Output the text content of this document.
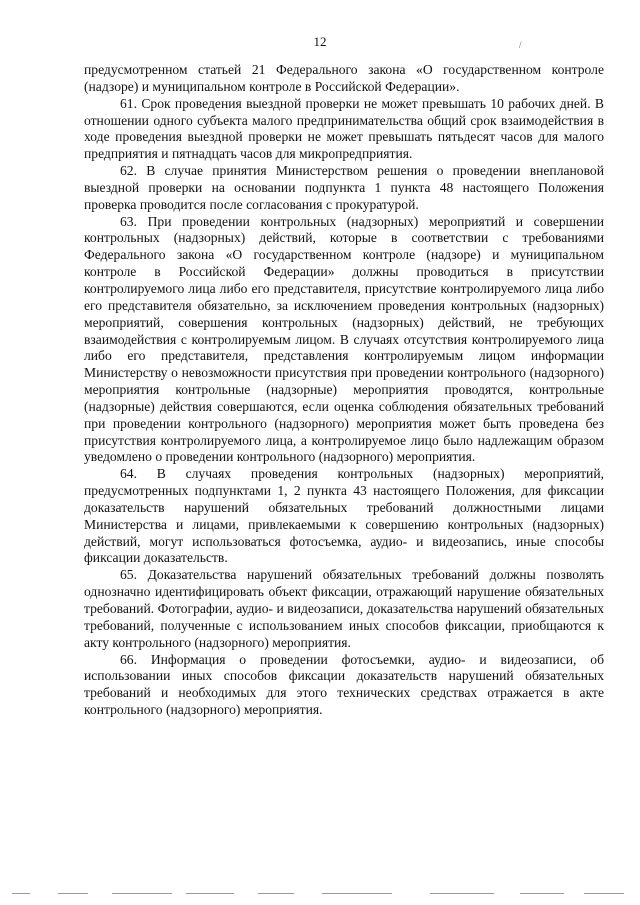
12	/

предусмотренном статьей 21 Федерального закона «О государственном контроле (надзоре) и муниципальном контроле в Российской Федерации».

61. Срок проведения выездной проверки не может превышать 10 рабочих дней. В отношении одного субъекта малого предпринимательства общий срок взаимодействия в ходе проведения выездной проверки не может превышать пятьдесят часов для малого предприятия и пятнадцать часов для микропредприятия.

62. В случае принятия Министерством решения о проведении внеплановой выездной проверки на основании подпункта 1 пункта 48 настоящего Положения проверка проводится после согласования с прокуратурой.

63. При проведении контрольных (надзорных) мероприятий и совершении контрольных (надзорных) действий, которые в соответствии с требованиями Федерального закона «О государственном контроле (надзоре) и муниципальном контроле в Российской Федерации» должны проводиться в присутствии контролируемого лица либо его представителя, присутствие контролируемого лица либо его представителя обязательно, за исключением проведения контрольных (надзорных) мероприятий, совершения контрольных (надзорных) действий, не требующих взаимодействия с контролируемым лицом. В случаях отсутствия контролируемого лица либо его представителя, представления контролируемым лицом информации Министерству о невозможности присутствия при проведении контрольного (надзорного) мероприятия контрольные (надзорные) мероприятия проводятся, контрольные (надзорные) действия совершаются, если оценка соблюдения обязательных требований при проведении контрольного (надзорного) мероприятия может быть проведена без присутствия контролируемого лица, а контролируемое лицо было надлежащим образом уведомлено о проведении контрольного (надзорного) мероприятия.

64. В случаях проведения контрольных (надзорных) мероприятий, предусмотренных подпунктами 1, 2 пункта 43 настоящего Положения, для фиксации доказательств нарушений обязательных требований должностными лицами Министерства и лицами, привлекаемыми к совершению контрольных (надзорных) действий, могут использоваться фотосъемка, аудио- и видеозапись, иные способы фиксации доказательств.

65. Доказательства нарушений обязательных требований должны позволять однозначно идентифицировать объект фиксации, отражающий нарушение обязательных требований. Фотографии, аудио- и видеозаписи, доказательства нарушений обязательных требований, полученные с использованием иных способов фиксации, приобщаются к акту контрольного (надзорного) мероприятия.

66. Информация о проведении фотосъемки, аудио- и видеозаписи, об использовании иных способов фиксации доказательств нарушений обязательных требований и необходимых для этого технических средствах отражается в акте контрольного (надзорного) мероприятия.
